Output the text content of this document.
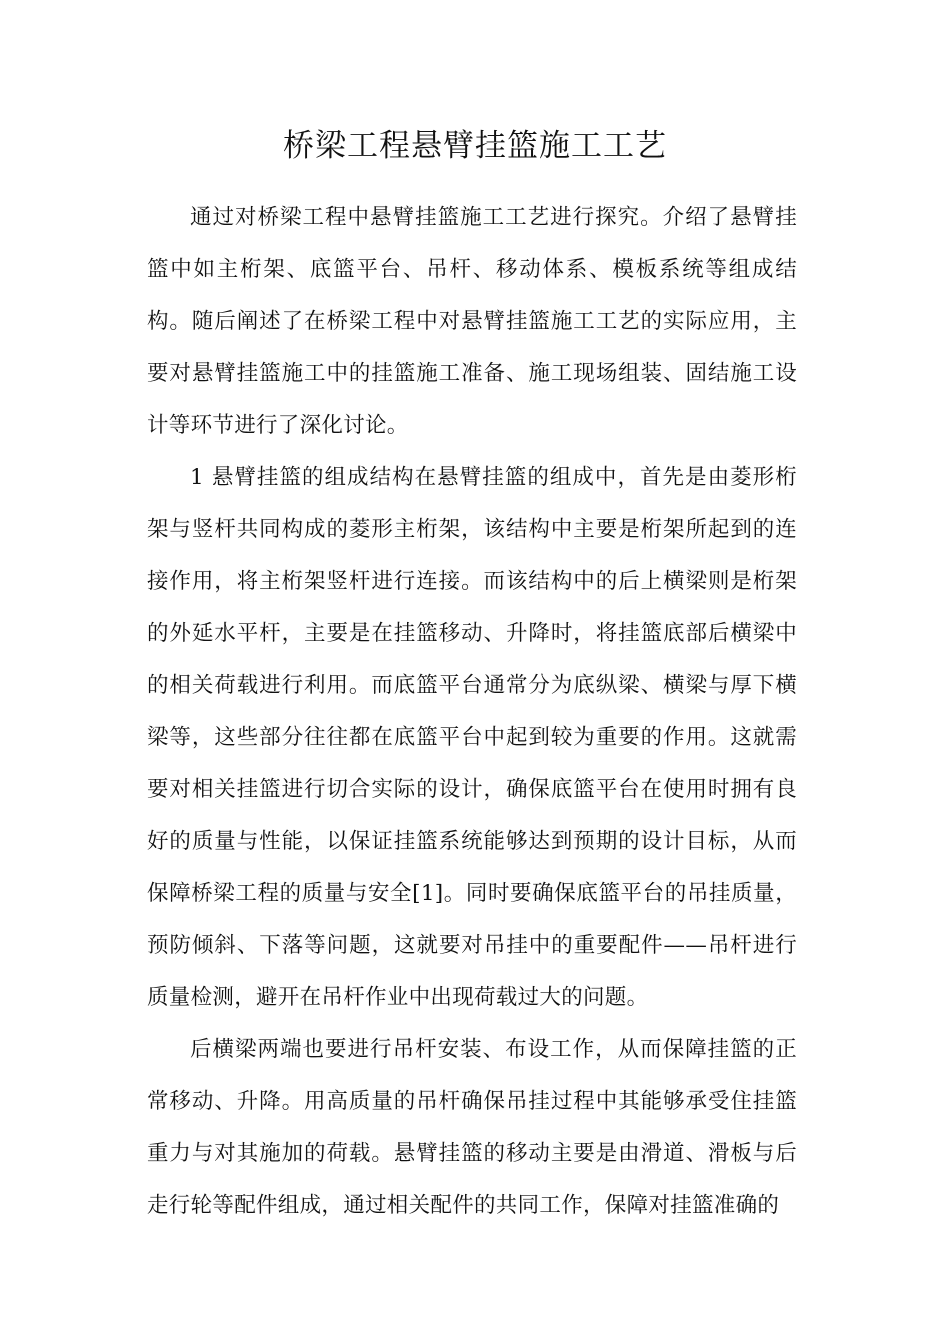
桥梁工程悬臂挂篮施工工艺

通过对桥梁工程中悬臂挂篮施工工艺进行探究。介绍了悬臂挂篮中如主桁架、底篮平台、吊杆、移动体系、模板系统等组成结构。随后阐述了在桥梁工程中对悬臂挂篮施工工艺的实际应用，主要对悬臂挂篮施工中的挂篮施工准备、施工现场组装、固结施工设计等环节进行了深化讨论。

1 悬臂挂篮的组成结构在悬臂挂篮的组成中，首先是由菱形桁架与竖杆共同构成的菱形主桁架，该结构中主要是桁架所起到的连接作用，将主桁架竖杆进行连接。而该结构中的后上横梁则是桁架的外延水平杆，主要是在挂篮移动、升降时，将挂篮底部后横梁中的相关荷载进行利用。而底篮平台通常分为底纵梁、横梁与厚下横梁等，这些部分往往都在底篮平台中起到较为重要的作用。这就需要对相关挂篮进行切合实际的设计，确保底篮平台在使用时拥有良好的质量与性能，以保证挂篮系统能够达到预期的设计目标，从而保障桥梁工程的质量与安全[1]。同时要确保底篮平台的吊挂质量，预防倾斜、下落等问题，这就要对吊挂中的重要配件——吊杆进行质量检测，避开在吊杆作业中出现荷载过大的问题。

后横梁两端也要进行吊杆安装、布设工作，从而保障挂篮的正常移动、升降。用高质量的吊杆确保吊挂过程中其能够承受住挂篮重力与对其施加的荷载。悬臂挂篮的移动主要是由滑道、滑板与后走行轮等配件组成，通过相关配件的共同工作，保障对挂篮准确的
